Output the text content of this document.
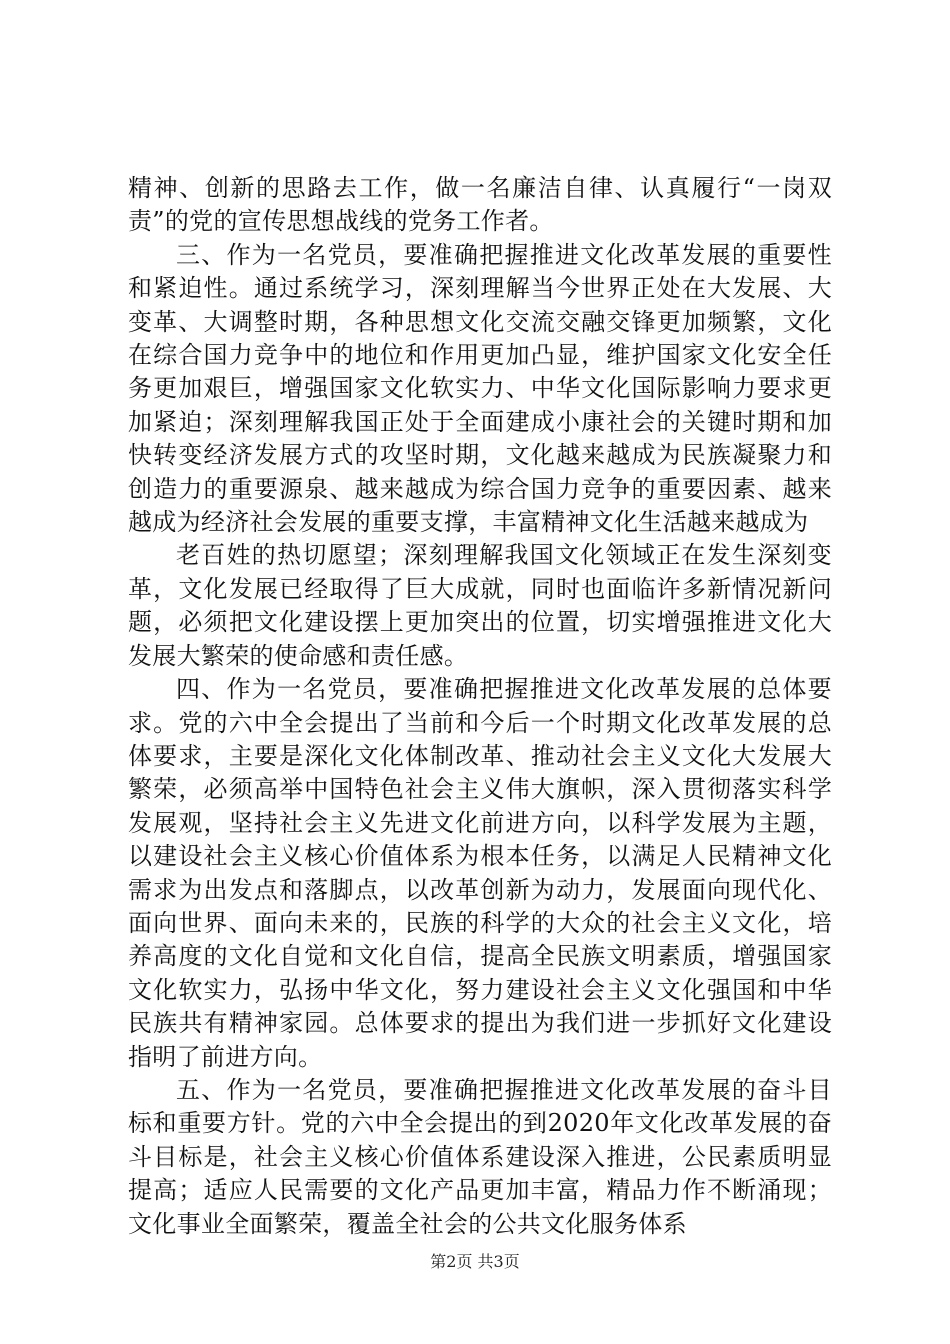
精神、创新的思路去工作，做一名廉洁自律、认真履行“一岗双责”的党的宣传思想战线的党务工作者。

三、作为一名党员，要准确把握推进文化改革发展的重要性和紧迫性。通过系统学习，深刻理解当今世界正处在大发展、大变革、大调整时期，各种思想文化交流交融交锋更加频繁，文化在综合国力竞争中的地位和作用更加凸显，维护国家文化安全任务更加艰巨，增强国家文化软实力、中华文化国际影响力要求更加紧迫；深刻理解我国正处于全面建成小康社会的关键时期和加快转变经济发展方式的攻坚时期，文化越来越成为民族凝聚力和创造力的重要源泉、越来越成为综合国力竞争的重要因素、越来越成为经济社会发展的重要支撑，丰富精神文化生活越来越成为

老百姓的热切愿望；深刻理解我国文化领域正在发生深刻变革，文化发展已经取得了巨大成就，同时也面临许多新情况新问题，必须把文化建设摆上更加突出的位置，切实增强推进文化大发展大繁荣的使命感和责任感。

四、作为一名党员，要准确把握推进文化改革发展的总体要求。党的六中全会提出了当前和今后一个时期文化改革发展的总体要求，主要是深化文化体制改革、推动社会主义文化大发展大繁荣，必须高举中国特色社会主义伟大旗帜，深入贯彻落实科学发展观，坚持社会主义先进文化前进方向，以科学发展为主题，以建设社会主义核心价值体系为根本任务，以满足人民精神文化需求为出发点和落脚点，以改革创新为动力，发展面向现代化、面向世界、面向未来的，民族的科学的大众的社会主义文化，培养高度的文化自觉和文化自信，提高全民族文明素质，增强国家文化软实力，弘扬中华文化，努力建设社会主义文化强国和中华民族共有精神家园。总体要求的提出为我们进一步抓好文化建设指明了前进方向。

五、作为一名党员，要准确把握推进文化改革发展的奋斗目标和重要方针。党的六中全会提出的到2020年文化改革发展的奋斗目标是，社会主义核心价值体系建设深入推进，公民素质明显提高；适应人民需要的文化产品更加丰富，精品力作不断涌现；文化事业全面繁荣，覆盖全社会的公共文化服务体系

第2页 共3页
